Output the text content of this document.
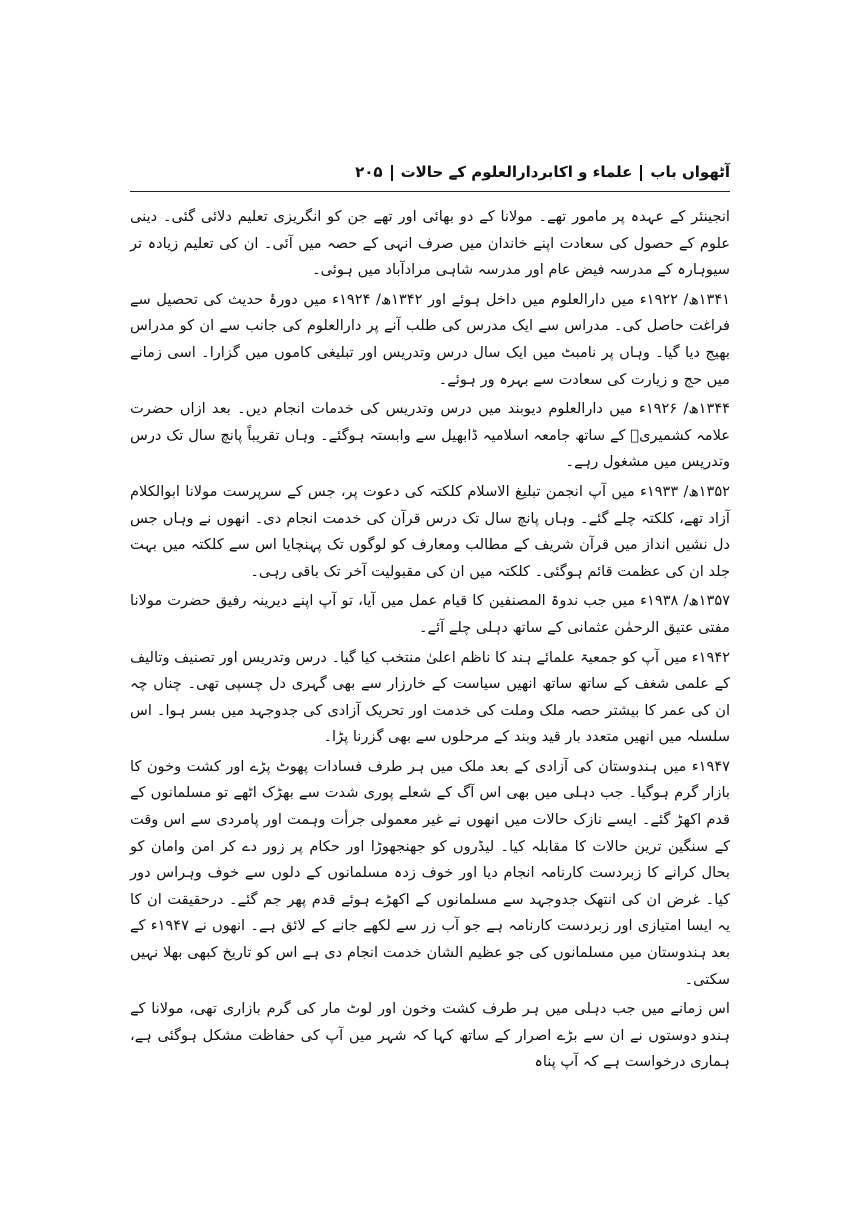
آٹھواں بابعلماء و اکابردارالعلوم کے حالات۲۰۵

انجینئر کے عہدہ پر مامور تھے۔ مولانا کے دو بھائی اور تھے جن کو انگریزی تعلیم دلائی گئی۔ دینی علوم کے حصول کی سعادت اپنے خاندان میں صرف انہی کے حصہ میں آئی۔ ان کی تعلیم زیادہ تر سیوہارہ کے مدرسہ فیض عام اور مدرسہ شاہی مرادآباد میں ہوئی۔

۱۳۴۱ھ/ ۱۹۲۲ء میں دارالعلوم میں داخل ہوئے اور ۱۳۴۲ھ/ ۱۹۲۴ء میں دورۂ حدیث کی تحصیل سے فراغت حاصل کی۔ مدراس سے ایک مدرس کی طلب آنے پر دارالعلوم کی جانب سے ان کو مدراس بھیج دیا گیا۔ وہاں پر نامبٹ میں ایک سال درس وتدریس اور تبلیغی کاموں میں گزارا۔ اسی زمانے میں حج و زیارت کی سعادت سے بہرہ ور ہوئے۔

۱۳۴۴ھ/ ۱۹۲۶ء میں دارالعلوم دیوبند میں درس وتدریس کی خدمات انجام دیں۔ بعد ازاں حضرت علامہ کشمیریؒ کے ساتھ جامعہ اسلامیہ ڈابھیل سے وابستہ ہوگئے۔ وہاں تقریباً پانچ سال تک درس وتدریس میں مشغول رہے۔

۱۳۵۲ھ/ ۱۹۳۳ء میں آپ انجمن تبلیغ الاسلام کلکتہ کی دعوت پر، جس کے سرپرست مولانا ابوالکلام آزاد تھے، کلکتہ چلے گئے۔ وہاں پانچ سال تک درس قرآن کی خدمت انجام دی۔ انھوں نے وہاں جس دل نشیں انداز میں قرآن شریف کے مطالب ومعارف کو لوگوں تک پہنچایا اس سے کلکتہ میں بہت جلد ان کی عظمت قائم ہوگئی۔ کلکتہ میں ان کی مقبولیت آخر تک باقی رہی۔

۱۳۵۷ھ/ ۱۹۳۸ء میں جب ندوۃ المصنفین کا قیام عمل میں آیا، تو آپ اپنے دیرینہ رفیق حضرت مولانا مفتی عتیق الرحمٰن عثمانی کے ساتھ دہلی چلے آئے۔

۱۹۴۲ء میں آپ کو جمعیۃ علمائے ہند کا ناظم اعلیٰ منتخب کیا گیا۔ درس وتدریس اور تصنیف وتالیف کے علمی شغف کے ساتھ ساتھ انھیں سیاست کے خارزار سے بھی گہری دل چسپی تھی۔ چناں چہ ان کی عمر کا بیشتر حصہ ملک وملت کی خدمت اور تحریک آزادی کی جدوجہد میں بسر ہوا۔ اس سلسلہ میں انھیں متعدد بار قید وبند کے مرحلوں سے بھی گزرنا پڑا۔

۱۹۴۷ء میں ہندوستان کی آزادی کے بعد ملک میں ہر طرف فسادات پھوٹ پڑے اور کشت وخون کا بازار گرم ہوگیا۔ جب دہلی میں بھی اس آگ کے شعلے پوری شدت سے بھڑک اٹھے تو مسلمانوں کے قدم اکھڑ گئے۔ ایسے نازک حالات میں انھوں نے غیر معمولی جرأت وہمت اور پامردی سے اس وقت کے سنگین ترین حالات کا مقابلہ کیا۔ لیڈروں کو جھنجھوڑا اور حکام پر زور دے کر امن وامان کو بحال کرانے کا زبردست کارنامہ انجام دیا اور خوف زدہ مسلمانوں کے دلوں سے خوف وہراس دور کیا۔ غرض ان کی انتھک جدوجہد سے مسلمانوں کے اکھڑے ہوئے قدم پھر جم گئے۔ درحقیقت ان کا یہ ایسا امتیازی اور زبردست کارنامہ ہے جو آب زر سے لکھے جانے کے لائق ہے۔ انھوں نے ۱۹۴۷ء کے بعد ہندوستان میں مسلمانوں کی جو عظیم الشان خدمت انجام دی ہے اس کو تاریخ کبھی بھلا نہیں سکتی۔

اس زمانے میں جب دہلی میں ہر طرف کشت وخون اور لوٹ مار کی گرم بازاری تھی، مولانا کے ہندو دوستوں نے ان سے بڑے اصرار کے ساتھ کہا کہ شہر میں آپ کی حفاظت مشکل ہوگئی ہے، ہماری درخواست ہے کہ آپ پناہ
